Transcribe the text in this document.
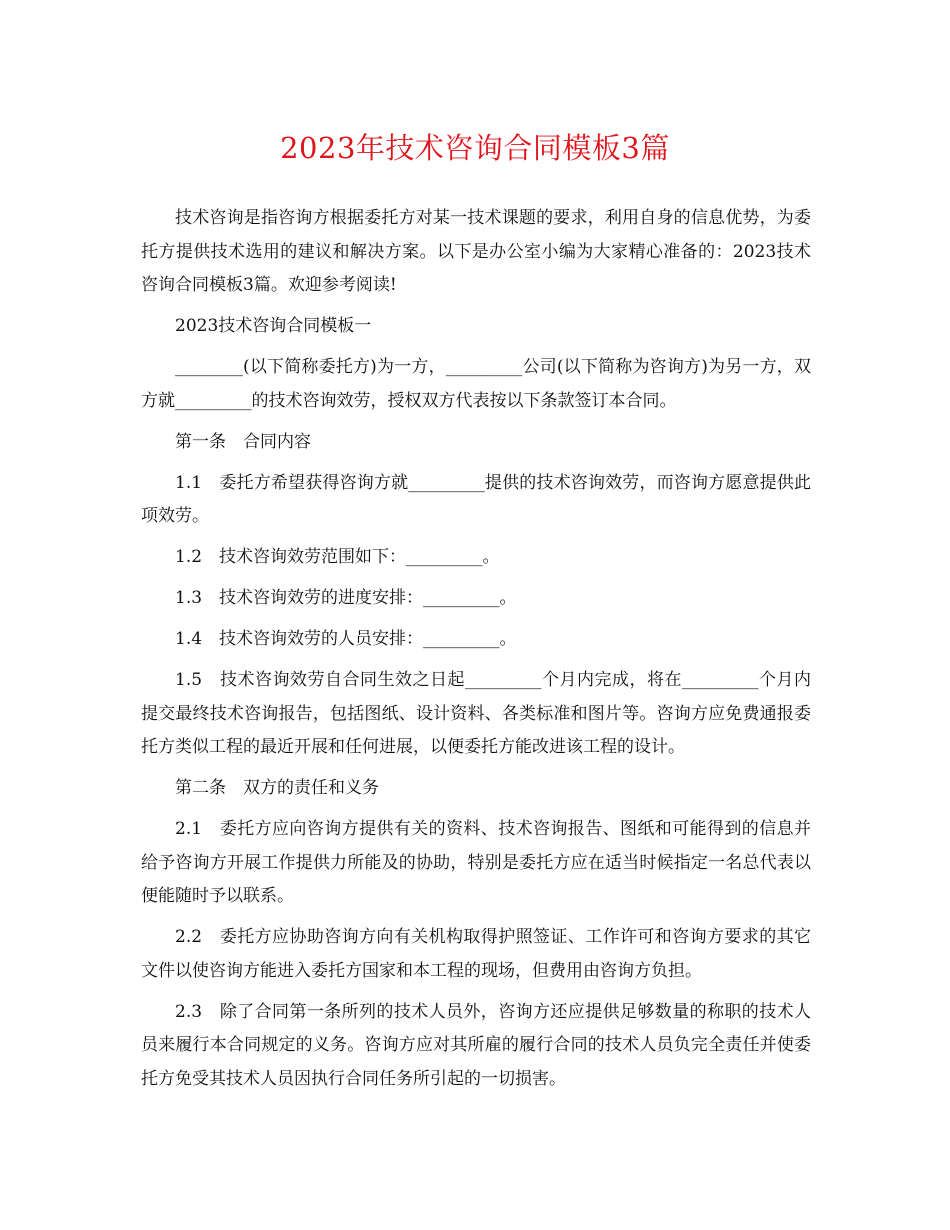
2023年技术咨询合同模板3篇

技术咨询是指咨询方根据委托方对某一技术课题的要求，利用自身的信息优势，为委托方提供技术选用的建议和解决方案。以下是办公室小编为大家精心准备的：2023技术咨询合同模板3篇。欢迎参考阅读!

2023技术咨询合同模板一

________(以下简称委托方)为一方，_________公司(以下简称为咨询方)为另一方，双方就_________的技术咨询效劳，授权双方代表按以下条款签订本合同。

第一条　合同内容

1.1　委托方希望获得咨询方就_________提供的技术咨询效劳，而咨询方愿意提供此项效劳。

1.2　技术咨询效劳范围如下：_________。

1.3　技术咨询效劳的进度安排：_________。

1.4　技术咨询效劳的人员安排：_________。

1.5　技术咨询效劳自合同生效之日起_________个月内完成，将在_________个月内提交最终技术咨询报告，包括图纸、设计资料、各类标准和图片等。咨询方应免费通报委托方类似工程的最近开展和任何进展，以便委托方能改进该工程的设计。

第二条　双方的责任和义务

2.1　委托方应向咨询方提供有关的资料、技术咨询报告、图纸和可能得到的信息并给予咨询方开展工作提供力所能及的协助，特别是委托方应在适当时候指定一名总代表以便能随时予以联系。

2.2　委托方应协助咨询方向有关机构取得护照签证、工作许可和咨询方要求的其它文件以使咨询方能进入委托方国家和本工程的现场，但费用由咨询方负担。

2.3　除了合同第一条所列的技术人员外，咨询方还应提供足够数量的称职的技术人员来履行本合同规定的义务。咨询方应对其所雇的履行合同的技术人员负完全责任并使委托方免受其技术人员因执行合同任务所引起的一切损害。
